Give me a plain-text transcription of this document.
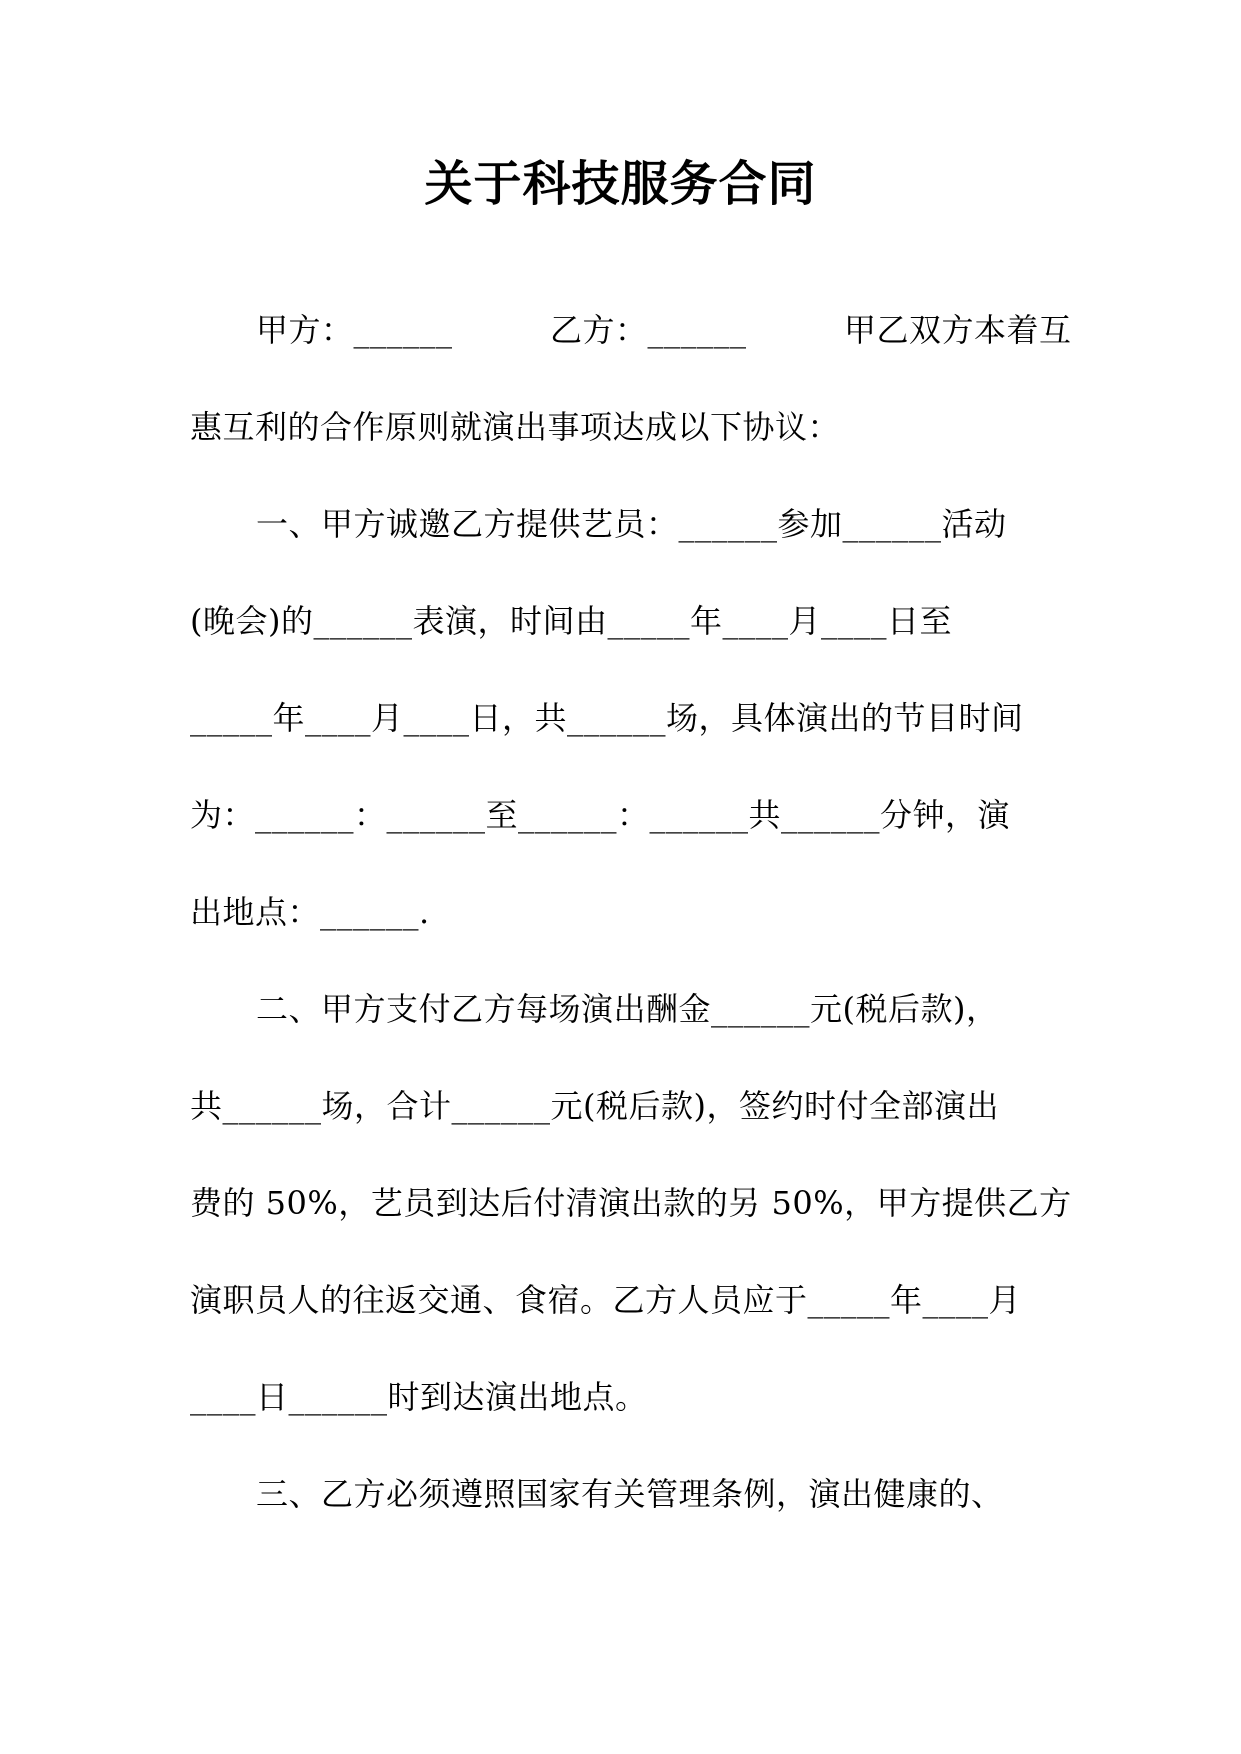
关于科技服务合同
甲方：______　　　乙方：______　　　甲乙双方本着互
惠互利的合作原则就演出事项达成以下协议：
一、甲方诚邀乙方提供艺员：______参加______活动
(晚会)的______表演，时间由_____年____月____日至
_____年____月____日，共______场，具体演出的节目时间
为：______：______至______：______共______分钟，演
出地点：______.
二、甲方支付乙方每场演出酬金______元(税后款)，
共______场，合计______元(税后款)，签约时付全部演出
费的 50%，艺员到达后付清演出款的另 50%，甲方提供乙方
演职员人的往返交通、食宿。乙方人员应于_____年____月
____日______时到达演出地点。
三、乙方必须遵照国家有关管理条例，演出健康的、
